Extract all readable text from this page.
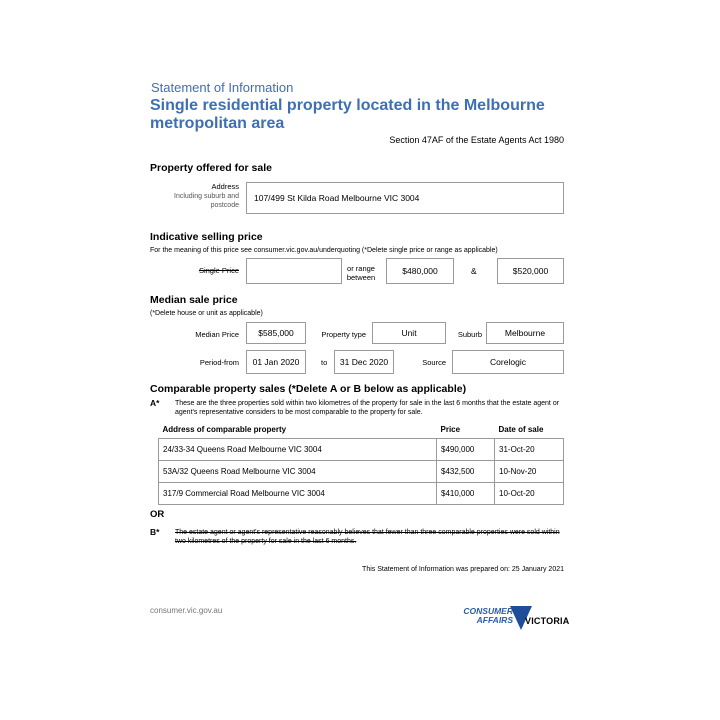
Statement of Information
Single residential property located in the Melbourne metropolitan area
Section 47AF of the Estate Agents Act 1980
Property offered for sale
Address
Including suburb and postcode
107/499 St Kilda Road Melbourne VIC 3004
Indicative selling price
For the meaning of this price see consumer.vic.gov.au/underquoting (*Delete single price or range as applicable)
Single Price	or range between
$480,000	&	$520,000
Median sale price
(*Delete house or unit as applicable)
Median Price	$585,000	Property type	Unit	Suburb	Melbourne
Period-from	01 Jan 2020	to	31 Dec 2020	Source	Corelogic
Comparable property sales (*Delete A or B below as applicable)
A* These are the three properties sold within two kilometres of the property for sale in the last 6 months that the estate agent or agent's representative considers to be most comparable to the property for sale.
Address of comparable property	Price	Date of sale
24/33-34 Queens Road Melbourne VIC 3004	$490,000	31-Oct-20
53A/32 Queens Road Melbourne VIC 3004	$432,500	10-Nov-20
317/9 Commercial Road Melbourne VIC 3004	$410,000	10-Oct-20
OR
B* The estate agent or agent's representative reasonably believes that fewer than three comparable properties were sold within two kilometres of the property for sale in the last 6 months.
This Statement of Information was prepared on: 25 January 2021
consumer.vic.gov.au	CONSUMER
AFFAIRS VICTORIA
